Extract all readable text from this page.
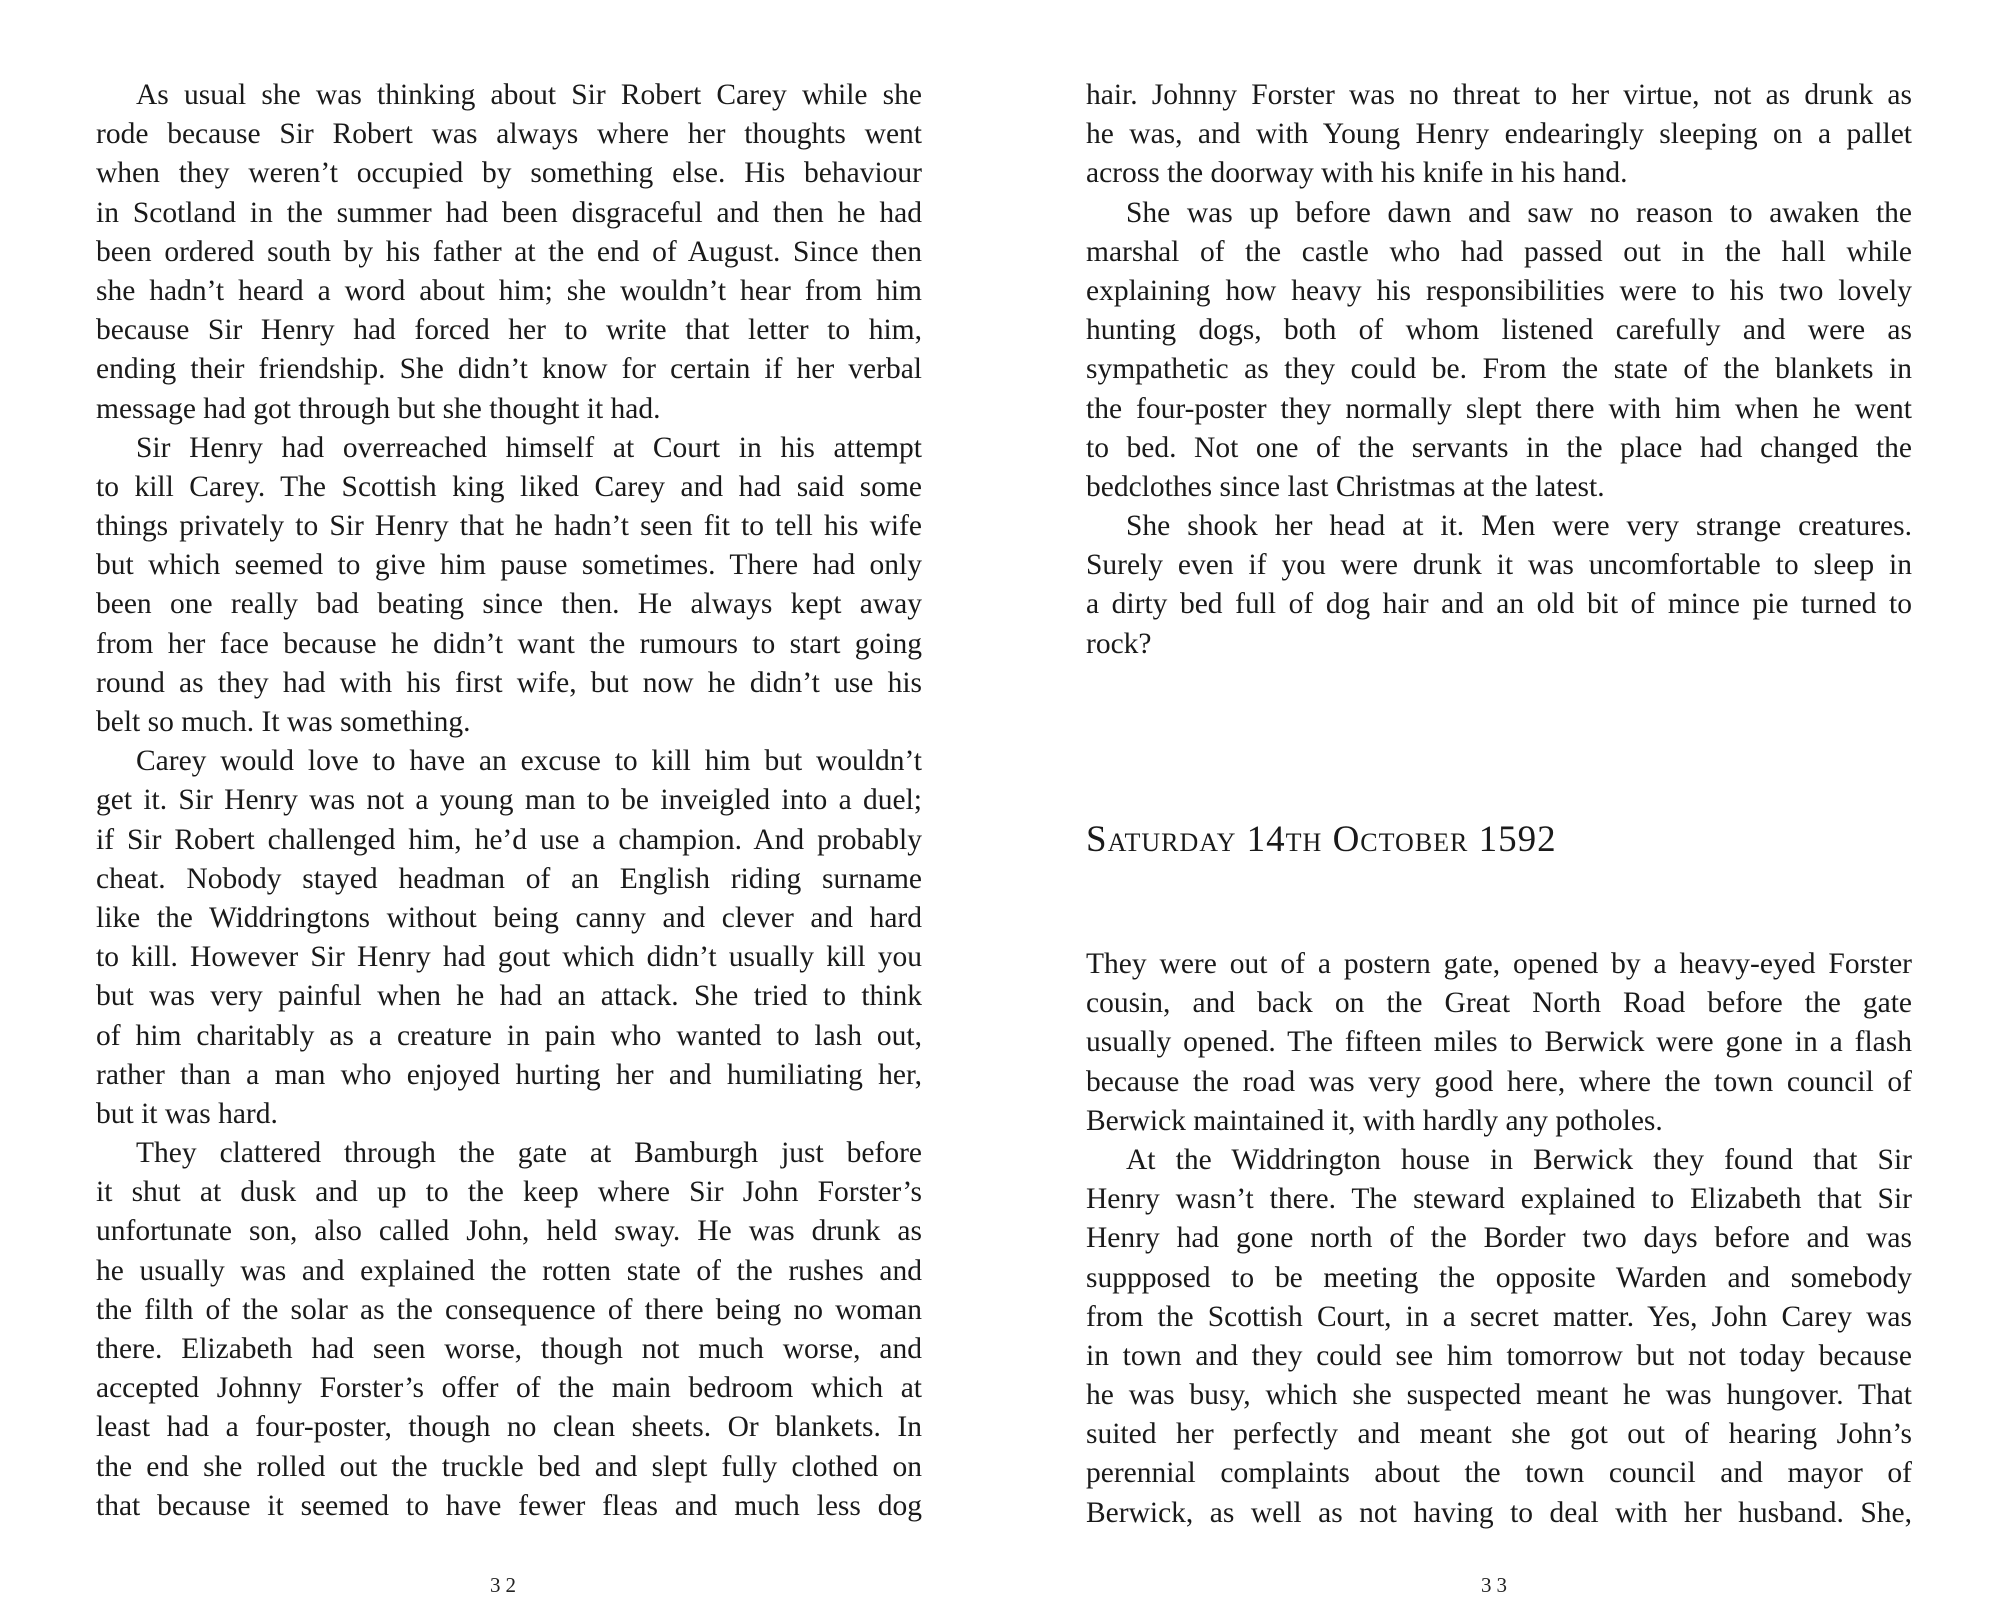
As usual she was thinking about Sir Robert Carey while she
rode because Sir Robert was always where her thoughts went
when they weren’t occupied by something else. His behaviour
in Scotland in the summer had been disgraceful and then he had
been ordered south by his father at the end of August. Since then
she hadn’t heard a word about him; she wouldn’t hear from him
because Sir Henry had forced her to write that letter to him,
ending their friendship. She didn’t know for certain if her verbal
message had got through but she thought it had.
Sir Henry had overreached himself at Court in his attempt
to kill Carey. The Scottish king liked Carey and had said some
things privately to Sir Henry that he hadn’t seen fit to tell his wife
but which seemed to give him pause sometimes. There had only
been one really bad beating since then. He always kept away
from her face because he didn’t want the rumours to start going
round as they had with his first wife, but now he didn’t use his
belt so much. It was something.
Carey would love to have an excuse to kill him but wouldn’t
get it. Sir Henry was not a young man to be inveigled into a duel;
if Sir Robert challenged him, he’d use a champion. And probably
cheat. Nobody stayed headman of an English riding surname
like the Widdringtons without being canny and clever and hard
to kill. However Sir Henry had gout which didn’t usually kill you
but was very painful when he had an attack. She tried to think
of him charitably as a creature in pain who wanted to lash out,
rather than a man who enjoyed hurting her and humiliating her,
but it was hard.
They clattered through the gate at Bamburgh just before
it shut at dusk and up to the keep where Sir John Forster’s
unfortunate son, also called John, held sway. He was drunk as
he usually was and explained the rotten state of the rushes and
the filth of the solar as the consequence of there being no woman
there. Elizabeth had seen worse, though not much worse, and
accepted Johnny Forster’s offer of the main bedroom which at
least had a four-poster, though no clean sheets. Or blankets. In
the end she rolled out the truckle bed and slept fully clothed on
that because it seemed to have fewer fleas and much less dog
32
hair. Johnny Forster was no threat to her virtue, not as drunk as
he was, and with Young Henry endearingly sleeping on a pallet
across the doorway with his knife in his hand.
She was up before dawn and saw no reason to awaken the
marshal of the castle who had passed out in the hall while
explaining how heavy his responsibilities were to his two lovely
hunting dogs, both of whom listened carefully and were as
sympathetic as they could be. From the state of the blankets in
the four-poster they normally slept there with him when he went
to bed. Not one of the servants in the place had changed the
bedclothes since last Christmas at the latest.
She shook her head at it. Men were very strange creatures.
Surely even if you were drunk it was uncomfortable to sleep in
a dirty bed full of dog hair and an old bit of mince pie turned to
rock?
Saturday 14th October 1592
They were out of a postern gate, opened by a heavy-eyed Forster
cousin, and back on the Great North Road before the gate
usually opened. The fifteen miles to Berwick were gone in a flash
because the road was very good here, where the town council of
Berwick maintained it, with hardly any potholes.
At the Widdrington house in Berwick they found that Sir
Henry wasn’t there. The steward explained to Elizabeth that Sir
Henry had gone north of the Border two days before and was
suppposed to be meeting the opposite Warden and somebody
from the Scottish Court, in a secret matter. Yes, John Carey was
in town and they could see him tomorrow but not today because
he was busy, which she suspected meant he was hungover. That
suited her perfectly and meant she got out of hearing John’s
perennial complaints about the town council and mayor of
Berwick, as well as not having to deal with her husband. She,
33
